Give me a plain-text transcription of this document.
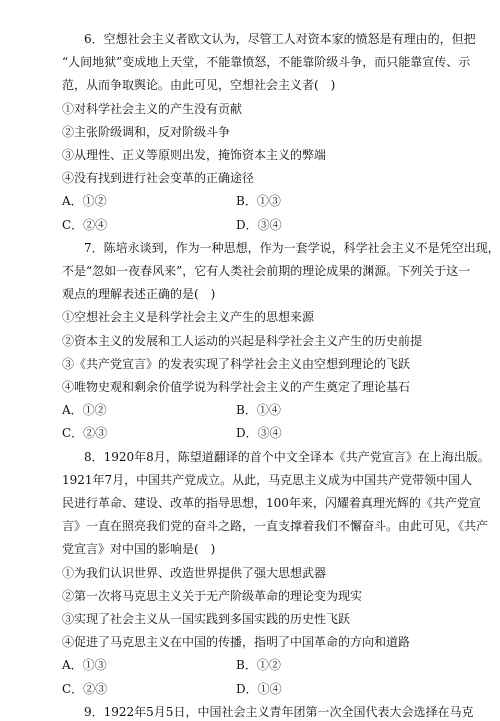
6．空想社会主义者欧文认为，尽管工人对资本家的愤怒是有理由的，但把
“人间地狱”变成地上天堂，不能靠愤怒，不能靠阶级斗争，而只能靠宣传、示
范，从而争取舆论。由此可见，空想社会主义者(　)
①对科学社会主义的产生没有贡献
②主张阶级调和，反对阶级斗争
③从理性、正义等原则出发，掩饰资本主义的弊端
④没有找到进行社会变革的正确途径
A．①②	B．①③
C．②④	D．③④
7．陈培永谈到，作为一种思想，作为一套学说，科学社会主义不是凭空出现，
不是“忽如一夜春风来”，它有人类社会前期的理论成果的渊源。下列关于这一
观点的理解表述正确的是(　)
①空想社会主义是科学社会主义产生的思想来源
②资本主义的发展和工人运动的兴起是科学社会主义产生的历史前提
③《共产党宣言》的发表实现了科学社会主义由空想到理论的飞跃
④唯物史观和剩余价值学说为科学社会主义的产生奠定了理论基石
A．①②	B．①④
C．②③	D．③④
8．1920年8月，陈望道翻译的首个中文全译本《共产党宣言》在上海出版。
1921年7月，中国共产党成立。从此，马克思主义成为中国共产党带领中国人
民进行革命、建设、改革的指导思想，100年来，闪耀着真理光辉的《共产党宣
言》一直在照亮我们党的奋斗之路，一直支撑着我们不懈奋斗。由此可见，《共产
党宣言》对中国的影响是(　)
①为我们认识世界、改造世界提供了强大思想武器
②第一次将马克思主义关于无产阶级革命的理论变为现实
③实现了社会主义从一国实践到多国实践的历史性飞跃
④促进了马克思主义在中国的传播，指明了中国革命的方向和道路
A．①③	B．①②
C．②③	D．①④
9．1922年5月5日，中国社会主义青年团第一次全国代表大会选择在马克
